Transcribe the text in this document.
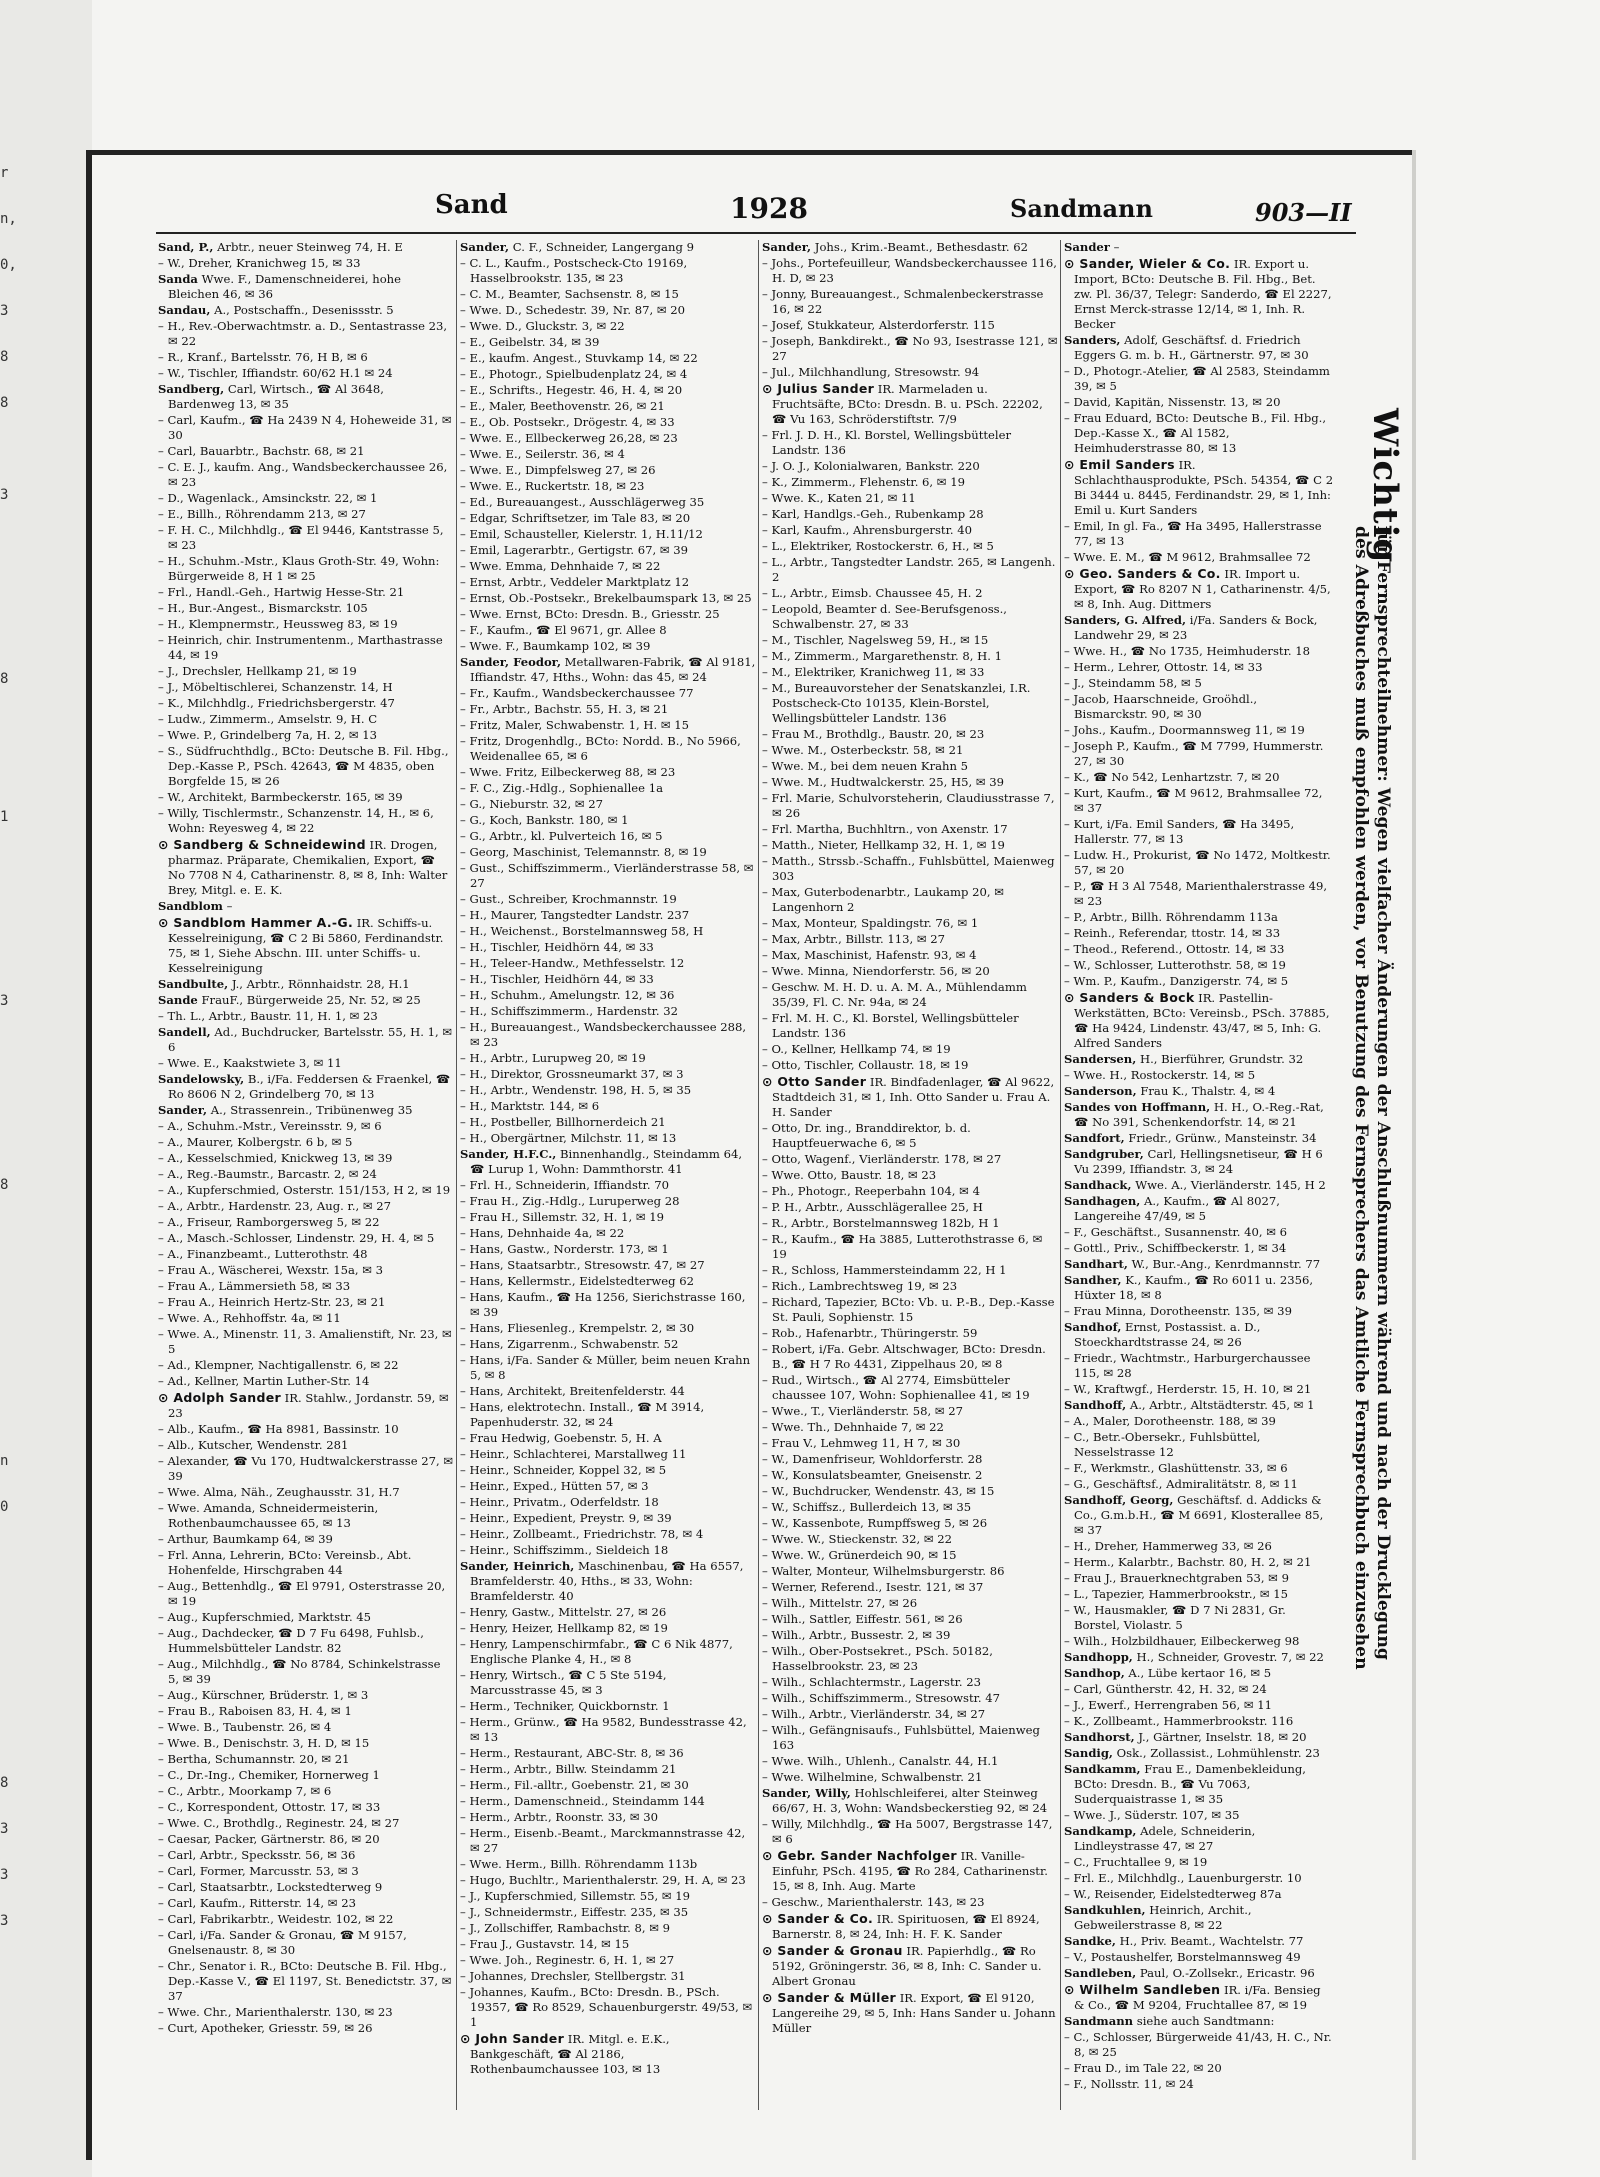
r
n,
0,
3
8
8

3

8

1

3

8

n
0

8
3
3
3
Sand	1928	Sandmann	903—II
Sand, P., Arbtr., neuer Steinweg 74, H. E
– W., Dreher, Kranichweg 15, ✉ 33
Sanda Wwe. F., Damenschneiderei, hohe Bleichen 46, ✉ 36
Sandau, A., Postschaffn., Desenissstr. 5
– H., Rev.-Oberwachtmstr. a. D., Sentastrasse 23, ✉ 22
– R., Kranf., Bartelsstr. 76, H B, ✉ 6
– W., Tischler, Iffiandstr. 60/62 H.1 ✉ 24
Sandberg, Carl, Wirtsch., ☎ Al 3648, Bardenweg 13, ✉ 35
– Carl, Kaufm., ☎ Ha 2439 N 4, Hoheweide 31, ✉ 30
– Carl, Bauarbtr., Bachstr. 68, ✉ 21
– C. E. J., kaufm. Ang., Wandsbeckerchaussee 26, ✉ 23
– D., Wagenlack., Amsinckstr. 22, ✉ 1
– E., Billh., Röhrendamm 213, ✉ 27
– F. H. C., Milchhdlg., ☎ El 9446, Kantstrasse 5, ✉ 23
– H., Schuhm.-Mstr., Klaus Groth-Str. 49, Wohn: Bürgerweide 8, H 1 ✉ 25
– Frl., Handl.-Geh., Hartwig Hesse-Str. 21
– H., Bur.-Angest., Bismarckstr. 105
– H., Klempnermstr., Heussweg 83, ✉ 19
– Heinrich, chir. Instrumentenm., Marthastrasse 44, ✉ 19
– J., Drechsler, Hellkamp 21, ✉ 19
– J., Möbeltischlerei, Schanzenstr. 14, H
– K., Milchhdlg., Friedrichsbergerstr. 47
– Ludw., Zimmerm., Amselstr. 9, H. C
– Wwe. P., Grindelberg 7a, H. 2, ✉ 13
– S., Südfruchthdlg., BCto: Deutsche B. Fil. Hbg., Dep.-Kasse P., PSch. 42643, ☎ M 4835, oben Borgfelde 15, ✉ 26
– W., Architekt, Barmbeckerstr. 165, ✉ 39
– Willy, Tischlermstr., Schanzenstr. 14, H., ✉ 6, Wohn: Reyesweg 4, ✉ 22
⊙ Sandberg & Schneidewind IR. Drogen, pharmaz. Präparate, Chemikalien, Export, ☎ No 7708 N 4, Catharinenstr. 8, ✉ 8, Inh: Walter Brey, Mitgl. e. E. K.
Sandblom –
⊙ Sandblom Hammer A.-G. IR. Schiffs-u. Kesselreinigung, ☎ C 2 Bi 5860, Ferdinandstr. 75, ✉ 1, Siehe Abschn. III. unter Schiffs- u. Kesselreinigung
Sandbulte, J., Arbtr., Rönnhaidstr. 28, H.1
Sande FrauF., Bürgerweide 25, Nr. 52, ✉ 25
– Th. L., Arbtr., Baustr. 11, H. 1, ✉ 23
Sandell, Ad., Buchdrucker, Bartelsstr. 55, H. 1, ✉ 6
– Wwe. E., Kaakstwiete 3, ✉ 11
Sandelowsky, B., i/Fa. Feddersen & Fraenkel, ☎ Ro 8606 N 2, Grindelberg 70, ✉ 13
Sander, A., Strassenrein., Tribünenweg 35
– A., Schuhm.-Mstr., Vereinsstr. 9, ✉ 6
– A., Maurer, Kolbergstr. 6 b, ✉ 5
– A., Kesselschmied, Knickweg 13, ✉ 39
– A., Reg.-Baumstr., Barcastr. 2, ✉ 24
– A., Kupferschmied, Osterstr. 151/153, H 2, ✉ 19
– A., Arbtr., Hardenstr. 23, Aug. r., ✉ 27
– A., Friseur, Ramborgersweg 5, ✉ 22
– A., Masch.-Schlosser, Lindenstr. 29, H. 4, ✉ 5
– A., Finanzbeamt., Lutterothstr. 48
– Frau A., Wäscherei, Wexstr. 15a, ✉ 3
– Frau A., Lämmersieth 58, ✉ 33
– Frau A., Heinrich Hertz-Str. 23, ✉ 21
– Wwe. A., Rehhoffstr. 4a, ✉ 11
– Wwe. A., Minenstr. 11, 3. Amalienstift, Nr. 23, ✉ 5
– Ad., Klempner, Nachtigallenstr. 6, ✉ 22
– Ad., Kellner, Martin Luther-Str. 14
⊙ Adolph Sander IR. Stahlw., Jordanstr. 59, ✉ 23
– Alb., Kaufm., ☎ Ha 8981, Bassinstr. 10
– Alb., Kutscher, Wendenstr. 281
– Alexander, ☎ Vu 170, Hudtwalckerstrasse 27, ✉ 39
– Wwe. Alma, Näh., Zeughausstr. 31, H.7
– Wwe. Amanda, Schneidermeisterin, Rothenbaumchaussee 65, ✉ 13
– Arthur, Baumkamp 64, ✉ 39
– Frl. Anna, Lehrerin, BCto: Vereinsb., Abt. Hohenfelde, Hirschgraben 44
– Aug., Bettenhdlg., ☎ El 9791, Osterstrasse 20, ✉ 19
– Aug., Kupferschmied, Marktstr. 45
– Aug., Dachdecker, ☎ D 7 Fu 6498, Fuhlsb., Hummelsbütteler Landstr. 82
– Aug., Milchhdlg., ☎ No 8784, Schinkelstrasse 5, ✉ 39
– Aug., Kürschner, Brüderstr. 1, ✉ 3
– Frau B., Raboisen 83, H. 4, ✉ 1
– Wwe. B., Taubenstr. 26, ✉ 4
– Wwe. B., Denischstr. 3, H. D, ✉ 15
– Bertha, Schumannstr. 20, ✉ 21
– C., Dr.-Ing., Chemiker, Hornerweg 1
– C., Arbtr., Moorkamp 7, ✉ 6
– C., Korrespondent, Ottostr. 17, ✉ 33
– Wwe. C., Brothdlg., Reginestr. 24, ✉ 27
– Caesar, Packer, Gärtnerstr. 86, ✉ 20
– Carl, Arbtr., Specksstr. 56, ✉ 36
– Carl, Former, Marcusstr. 53, ✉ 3
– Carl, Staatsarbtr., Lockstedterweg 9
– Carl, Kaufm., Ritterstr. 14, ✉ 23
– Carl, Fabrikarbtr., Weidestr. 102, ✉ 22
– Carl, i/Fa. Sander & Gronau, ☎ M 9157, Gnelsenaustr. 8, ✉ 30
– Chr., Senator i. R., BCto: Deutsche B. Fil. Hbg., Dep.-Kasse V., ☎ El 1197, St. Benedictstr. 37, ✉ 37
– Wwe. Chr., Marienthalerstr. 130, ✉ 23
– Curt, Apotheker, Griesstr. 59, ✉ 26
Sander, C. F., Schneider, Langergang 9
– C. L., Kaufm., Postscheck-Cto 19169, Hasselbrookstr. 135, ✉ 23
– C. M., Beamter, Sachsenstr. 8, ✉ 15
– Wwe. D., Schedestr. 39, Nr. 87, ✉ 20
– Wwe. D., Gluckstr. 3, ✉ 22
– E., Geibelstr. 34, ✉ 39
– E., kaufm. Angest., Stuvkamp 14, ✉ 22
– E., Photogr., Spielbudenplatz 24, ✉ 4
– E., Schrifts., Hegestr. 46, H. 4, ✉ 20
– E., Maler, Beethovenstr. 26, ✉ 21
– E., Ob. Postsekr., Drögestr. 4, ✉ 33
– Wwe. E., Ellbeckerweg 26,28, ✉ 23
– Wwe. E., Seilerstr. 36, ✉ 4
– Wwe. E., Dimpfelsweg 27, ✉ 26
– Wwe. E., Ruckertstr. 18, ✉ 23
– Ed., Bureauangest., Ausschlägerweg 35
– Edgar, Schriftsetzer, im Tale 83, ✉ 20
– Emil, Schausteller, Kielerstr. 1, H.11/12
– Emil, Lagerarbtr., Gertigstr. 67, ✉ 39
– Wwe. Emma, Dehnhaide 7, ✉ 22
– Ernst, Arbtr., Veddeler Marktplatz 12
– Ernst, Ob.-Postsekr., Brekelbaumspark 13, ✉ 25
– Wwe. Ernst, BCto: Dresdn. B., Griesstr. 25
– F., Kaufm., ☎ El 9671, gr. Allee 8
– Wwe. F., Baumkamp 102, ✉ 39
Sander, Feodor, Metallwaren-Fabrik, ☎ Al 9181, Iffiandstr. 47, Hths., Wohn: das 45, ✉ 24
– Fr., Kaufm., Wandsbeckerchaussee 77
– Fr., Arbtr., Bachstr. 55, H. 3, ✉ 21
– Fritz, Maler, Schwabenstr. 1, H. ✉ 15
– Fritz, Drogenhdlg., BCto: Nordd. B., No 5966, Weidenallee 65, ✉ 6
– Wwe. Fritz, Eilbeckerweg 88, ✉ 23
– F. C., Zig.-Hdlg., Sophienallee 1a
– G., Nieburstr. 32, ✉ 27
– G., Koch, Bankstr. 180, ✉ 1
– G., Arbtr., kl. Pulverteich 16, ✉ 5
– Georg, Maschinist, Telemannstr. 8, ✉ 19
– Gust., Schiffszimmerm., Vierländerstrasse 58, ✉ 27
– Gust., Schreiber, Krochmannstr. 19
– H., Maurer, Tangstedter Landstr. 237
– H., Weichenst., Borstelmannsweg 58, H
– H., Tischler, Heidhörn 44, ✉ 33
– H., Teleer-Handw., Methfesselstr. 12
– H., Tischler, Heidhörn 44, ✉ 33
– H., Schuhm., Amelungstr. 12, ✉ 36
– H., Schiffszimmerm., Hardenstr. 32
– H., Bureauangest., Wandsbeckerchaussee 288, ✉ 23
– H., Arbtr., Lurupweg 20, ✉ 19
– H., Direktor, Grossneumarkt 37, ✉ 3
– H., Arbtr., Wendenstr. 198, H. 5, ✉ 35
– H., Marktstr. 144, ✉ 6
– H., Postbeller, Billhornerdeich 21
– H., Obergärtner, Milchstr. 11, ✉ 13
Sander, H.F.C., Binnenhandlg., Steindamm 64, ☎ Lurup 1, Wohn: Dammthorstr. 41
– Frl. H., Schneiderin, Iffiandstr. 70
– Frau H., Zig.-Hdlg., Luruperweg 28
– Frau H., Sillemstr. 32, H. 1, ✉ 19
– Hans, Dehnhaide 4a, ✉ 22
– Hans, Gastw., Norderstr. 173, ✉ 1
– Hans, Staatsarbtr., Stresowstr. 47, ✉ 27
– Hans, Kellermstr., Eidelstedterweg 62
– Hans, Kaufm., ☎ Ha 1256, Sierichstrasse 160, ✉ 39
– Hans, Fliesenleg., Krempelstr. 2, ✉ 30
– Hans, Zigarrenm., Schwabenstr. 52
– Hans, i/Fa. Sander & Müller, beim neuen Krahn 5, ✉ 8
– Hans, Architekt, Breitenfelderstr. 44
– Hans, elektrotechn. Install., ☎ M 3914, Papenhuderstr. 32, ✉ 24
– Frau Hedwig, Goebenstr. 5, H. A
– Heinr., Schlachterei, Marstallweg 11
– Heinr., Schneider, Koppel 32, ✉ 5
– Heinr., Exped., Hütten 57, ✉ 3
– Heinr., Privatm., Oderfeldstr. 18
– Heinr., Expedient, Preystr. 9, ✉ 39
– Heinr., Zollbeamt., Friedrichstr. 78, ✉ 4
– Heinr., Schiffszimm., Sieldeich 18
Sander, Heinrich, Maschinenbau, ☎ Ha 6557, Bramfelderstr. 40, Hths., ✉ 33, Wohn: Bramfelderstr. 40
– Henry, Gastw., Mittelstr. 27, ✉ 26
– Henry, Heizer, Hellkamp 82, ✉ 19
– Henry, Lampenschirmfabr., ☎ C 6 Nik 4877, Englische Planke 4, H., ✉ 8
– Henry, Wirtsch., ☎ C 5 Ste 5194, Marcusstrasse 45, ✉ 3
– Herm., Techniker, Quickbornstr. 1
– Herm., Grünw., ☎ Ha 9582, Bundesstrasse 42, ✉ 13
– Herm., Restaurant, ABC-Str. 8, ✉ 36
– Herm., Arbtr., Billw. Steindamm 21
– Herm., Fil.-alltr., Goebenstr. 21, ✉ 30
– Herm., Damenschneid., Steindamm 144
– Herm., Arbtr., Roonstr. 33, ✉ 30
– Herm., Eisenb.-Beamt., Marckmannstrasse 42, ✉ 27
– Wwe. Herm., Billh. Röhrendamm 113b
– Hugo, Buchltr., Marienthalerstr. 29, H. A, ✉ 23
– J., Kupferschmied, Sillemstr. 55, ✉ 19
– J., Schneidermstr., Eiffestr. 235, ✉ 35
– J., Zollschiffer, Rambachstr. 8, ✉ 9
– Frau J., Gustavstr. 14, ✉ 15
– Wwe. Joh., Reginestr. 6, H. 1, ✉ 27
– Johannes, Drechsler, Stellbergstr. 31
– Johannes, Kaufm., BCto: Dresdn. B., PSch. 19357, ☎ Ro 8529, Schauenburgerstr. 49/53, ✉ 1
⊙ John Sander IR. Mitgl. e. E.K., Bankgeschäft, ☎ Al 2186, Rothenbaumchaussee 103, ✉ 13
Sander, Johs., Krim.-Beamt., Bethesdastr. 62
– Johs., Portefeuilleur, Wandsbeckerchaussee 116, H. D, ✉ 23
– Jonny, Bureauangest., Schmalenbeckerstrasse 16, ✉ 22
– Josef, Stukkateur, Alsterdorferstr. 115
– Joseph, Bankdirekt., ☎ No 93, Isestrasse 121, ✉ 27
– Jul., Milchhandlung, Stresowstr. 94
⊙ Julius Sander IR. Marmeladen u. Fruchtsäfte, BCto: Dresdn. B. u. PSch. 22202, ☎ Vu 163, Schröderstiftstr. 7/9
– Frl. J. D. H., Kl. Borstel, Wellingsbütteler Landstr. 136
– J. O. J., Kolonialwaren, Bankstr. 220
– K., Zimmerm., Flehenstr. 6, ✉ 19
– Wwe. K., Katen 21, ✉ 11
– Karl, Handlgs.-Geh., Rubenkamp 28
– Karl, Kaufm., Ahrensburgerstr. 40
– L., Elektriker, Rostockerstr. 6, H., ✉ 5
– L., Arbtr., Tangstedter Landstr. 265, ✉ Langenh. 2
– L., Arbtr., Eimsb. Chaussee 45, H. 2
– Leopold, Beamter d. See-Berufsgenoss., Schwalbenstr. 27, ✉ 33
– M., Tischler, Nagelsweg 59, H., ✉ 15
– M., Zimmerm., Margarethenstr. 8, H. 1
– M., Elektriker, Kranichweg 11, ✉ 33
– M., Bureauvorsteher der Senatskanzlei, I.R. Postscheck-Cto 10135, Klein-Borstel, Wellingsbütteler Landstr. 136
– Frau M., Brothdlg., Baustr. 20, ✉ 23
– Wwe. M., Osterbeckstr. 58, ✉ 21
– Wwe. M., bei dem neuen Krahn 5
– Wwe. M., Hudtwalckerstr. 25, H5, ✉ 39
– Frl. Marie, Schulvorsteherin, Claudiusstrasse 7, ✉ 26
– Frl. Martha, Buchhltrn., von Axenstr. 17
– Matth., Nieter, Hellkamp 32, H. 1, ✉ 19
– Matth., Strssb.-Schaffn., Fuhlsbüttel, Maienweg 303
– Max, Guterbodenarbtr., Laukamp 20, ✉ Langenhorn 2
– Max, Monteur, Spaldingstr. 76, ✉ 1
– Max, Arbtr., Billstr. 113, ✉ 27
– Max, Maschinist, Hafenstr. 93, ✉ 4
– Wwe. Minna, Niendorferstr. 56, ✉ 20
– Geschw. M. H. D. u. A. M. A., Mühlendamm 35/39, Fl. C. Nr. 94a, ✉ 24
– Frl. M. H. C., Kl. Borstel, Wellingsbütteler Landstr. 136
– O., Kellner, Hellkamp 74, ✉ 19
– Otto, Tischler, Collaustr. 18, ✉ 19
⊙ Otto Sander IR. Bindfadenlager, ☎ Al 9622, Stadtdeich 31, ✉ 1, Inh. Otto Sander u. Frau A. H. Sander
– Otto, Dr. ing., Branddirektor, b. d. Hauptfeuerwache 6, ✉ 5
– Otto, Wagenf., Vierländerstr. 178, ✉ 27
– Wwe. Otto, Baustr. 18, ✉ 23
– Ph., Photogr., Reeperbahn 104, ✉ 4
– P. H., Arbtr., Ausschlägerallee 25, H
– R., Arbtr., Borstelmannsweg 182b, H 1
– R., Kaufm., ☎ Ha 3885, Lutterothstrasse 6, ✉ 19
– R., Schloss, Hammersteindamm 22, H 1
– Rich., Lambrechtsweg 19, ✉ 23
– Richard, Tapezier, BCto: Vb. u. P.-B., Dep.-Kasse St. Pauli, Sophienstr. 15
– Rob., Hafenarbtr., Thüringerstr. 59
– Robert, i/Fa. Gebr. Altschwager, BCto: Dresdn. B., ☎ H 7 Ro 4431, Zippelhaus 20, ✉ 8
– Rud., Wirtsch., ☎ Al 2774, Eimsbütteler chaussee 107, Wohn: Sophienallee 41, ✉ 19
– Wwe., T., Vierländerstr. 58, ✉ 27
– Wwe. Th., Dehnhaide 7, ✉ 22
– Frau V., Lehmweg 11, H 7, ✉ 30
– W., Damenfriseur, Wohldorferstr. 28
– W., Konsulatsbeamter, Gneisenstr. 2
– W., Buchdrucker, Wendenstr. 43, ✉ 15
– W., Schiffsz., Bullerdeich 13, ✉ 35
– W., Kassenbote, Rumpffsweg 5, ✉ 26
– Wwe. W., Stieckenstr. 32, ✉ 22
– Wwe. W., Grünerdeich 90, ✉ 15
– Walter, Monteur, Wilhelmsburgerstr. 86
– Werner, Referend., Isestr. 121, ✉ 37
– Wilh., Mittelstr. 27, ✉ 26
– Wilh., Sattler, Eiffestr. 561, ✉ 26
– Wilh., Arbtr., Bussestr. 2, ✉ 39
– Wilh., Ober-Postsekret., PSch. 50182, Hasselbrookstr. 23, ✉ 23
– Wilh., Schlachtermstr., Lagerstr. 23
– Wilh., Schiffszimmerm., Stresowstr. 47
– Wilh., Arbtr., Vierländerstr. 34, ✉ 27
– Wilh., Gefängnisaufs., Fuhlsbüttel, Maienweg 163
– Wwe. Wilh., Uhlenh., Canalstr. 44, H.1
– Wwe. Wilhelmine, Schwalbenstr. 21
Sander, Willy, Hohlschleiferei, alter Steinweg 66/67, H. 3, Wohn: Wandsbeckerstieg 92, ✉ 24
– Willy, Milchhdlg., ☎ Ha 5007, Bergstrasse 147, ✉ 6
⊙ Gebr. Sander Nachfolger IR. Vanille-Einfuhr, PSch. 4195, ☎ Ro 284, Catharinenstr. 15, ✉ 8, Inh. Aug. Marte
– Geschw., Marienthalerstr. 143, ✉ 23
⊙ Sander & Co. IR. Spirituosen, ☎ El 8924, Barnerstr. 8, ✉ 24, Inh: H. F. K. Sander
⊙ Sander & Gronau IR. Papierhdlg., ☎ Ro 5192, Gröningerstr. 36, ✉ 8, Inh: C. Sander u. Albert Gronau
⊙ Sander & Müller IR. Export, ☎ El 9120, Langereihe 29, ✉ 5, Inh: Hans Sander u. Johann Müller
Sander –
⊙ Sander, Wieler & Co. IR. Export u. Import, BCto: Deutsche B. Fil. Hbg., Bet. zw. Pl. 36/37, Telegr: Sanderdo, ☎ El 2227, Ernst Merck-strasse 12/14, ✉ 1, Inh. R. Becker
Sanders, Adolf, Geschäftsf. d. Friedrich Eggers G. m. b. H., Gärtnerstr. 97, ✉ 30
– D., Photogr.-Atelier, ☎ Al 2583, Steindamm 39, ✉ 5
– David, Kapitän, Nissenstr. 13, ✉ 20
– Frau Eduard, BCto: Deutsche B., Fil. Hbg., Dep.-Kasse X., ☎ Al 1582, Heimhuderstrasse 80, ✉ 13
⊙ Emil Sanders IR. Schlachthausprodukte, PSch. 54354, ☎ C 2 Bi 3444 u. 8445, Ferdinandstr. 29, ✉ 1, Inh: Emil u. Kurt Sanders
– Emil, In gl. Fa., ☎ Ha 3495, Hallerstrasse 77, ✉ 13
– Wwe. E. M., ☎ M 9612, Brahmsallee 72
⊙ Geo. Sanders & Co. IR. Import u. Export, ☎ Ro 8207 N 1, Catharinenstr. 4/5, ✉ 8, Inh. Aug. Dittmers
Sanders, G. Alfred, i/Fa. Sanders & Bock, Landwehr 29, ✉ 23
– Wwe. H., ☎ No 1735, Heimhuderstr. 18
– Herm., Lehrer, Ottostr. 14, ✉ 33
– J., Steindamm 58, ✉ 5
– Jacob, Haarschneide, Groöhdl., Bismarckstr. 90, ✉ 30
– Johs., Kaufm., Doormannsweg 11, ✉ 19
– Joseph P., Kaufm., ☎ M 7799, Hummerstr. 27, ✉ 30
– K., ☎ No 542, Lenhartzstr. 7, ✉ 20
– Kurt, Kaufm., ☎ M 9612, Brahmsallee 72, ✉ 37
– Kurt, i/Fa. Emil Sanders, ☎ Ha 3495, Hallerstr. 77, ✉ 13
– Ludw. H., Prokurist, ☎ No 1472, Moltkestr. 57, ✉ 20
– P., ☎ H 3 Al 7548, Marienthalerstrasse 49, ✉ 23
– P., Arbtr., Billh. Röhrendamm 113a
– Reinh., Referendar, ttostr. 14, ✉ 33
– Theod., Referend., Ottostr. 14, ✉ 33
– W., Schlosser, Lutterothstr. 58, ✉ 19
– Wm. P., Kaufm., Danzigerstr. 74, ✉ 5
⊙ Sanders & Bock IR. Pastellin-Werkstätten, BCto: Vereinsb., PSch. 37885, ☎ Ha 9424, Lindenstr. 43/47, ✉ 5, Inh: G. Alfred Sanders
Sandersen, H., Bierführer, Grundstr. 32
– Wwe. H., Rostockerstr. 14, ✉ 5
Sanderson, Frau K., Thalstr. 4, ✉ 4
Sandes von Hoffmann, H. H., O.-Reg.-Rat, ☎ No 391, Schenkendorfstr. 14, ✉ 21
Sandfort, Friedr., Grünw., Mansteinstr. 34
Sandgruber, Carl, Hellingsnetiseur, ☎ H 6 Vu 2399, Iffiandstr. 3, ✉ 24
Sandhack, Wwe. A., Vierländerstr. 145, H 2
Sandhagen, A., Kaufm., ☎ Al 8027, Langereihe 47/49, ✉ 5
– F., Geschäftst., Susannenstr. 40, ✉ 6
– Gottl., Priv., Schiffbeckerstr. 1, ✉ 34
Sandhart, W., Bur.-Ang., Kenrdmannstr. 77
Sandher, K., Kaufm., ☎ Ro 6011 u. 2356, Hüxter 18, ✉ 8
– Frau Minna, Dorotheenstr. 135, ✉ 39
Sandhof, Ernst, Postassist. a. D., Stoeckhardtstrasse 24, ✉ 26
– Friedr., Wachtmstr., Harburgerchaussee 115, ✉ 28
– W., Kraftwgf., Herderstr. 15, H. 10, ✉ 21
Sandhoff, A., Arbtr., Altstädterstr. 45, ✉ 1
– A., Maler, Dorotheenstr. 188, ✉ 39
– C., Betr.-Obersekr., Fuhlsbüttel, Nesselstrasse 12
– F., Werkmstr., Glashüttenstr. 33, ✉ 6
– G., Geschäftsf., Admiralitätstr. 8, ✉ 11
Sandhoff, Georg, Geschäftsf. d. Addicks & Co., G.m.b.H., ☎ M 6691, Klosterallee 85, ✉ 37
– H., Dreher, Hammerweg 33, ✉ 26
– Herm., Kalarbtr., Bachstr. 80, H. 2, ✉ 21
– Frau J., Brauerknechtgraben 53, ✉ 9
– L., Tapezier, Hammerbrookstr., ✉ 15
– W., Hausmakler, ☎ D 7 Ni 2831, Gr. Borstel, Violastr. 5
– Wilh., Holzbildhauer, Eilbeckerweg 98
Sandhopp, H., Schneider, Grovestr. 7, ✉ 22
Sandhop, A., Lübe kertaor 16, ✉ 5
– Carl, Güntherstr. 42, H. 32, ✉ 24
– J., Ewerf., Herrengraben 56, ✉ 11
– K., Zollbeamt., Hammerbrookstr. 116
Sandhorst, J., Gärtner, Inselstr. 18, ✉ 20
Sandig, Osk., Zollassist., Lohmühlenstr. 23
Sandkamm, Frau E., Damenbekleidung, BCto: Dresdn. B., ☎ Vu 7063, Suderquaistrasse 1, ✉ 35
– Wwe. J., Süderstr. 107, ✉ 35
Sandkamp, Adele, Schneiderin, Lindleystrasse 47, ✉ 27
– C., Fruchtallee 9, ✉ 19
– Frl. E., Milchhdlg., Lauenburgerstr. 10
– W., Reisender, Eidelstedterweg 87a
Sandkuhlen, Heinrich, Archit., Gebweilerstrasse 8, ✉ 22
Sandke, H., Priv. Beamt., Wachtelstr. 77
– V., Postaushelfer, Borstelmannsweg 49
Sandleben, Paul, O.-Zollsekr., Ericastr. 96
⊙ Wilhelm Sandleben IR. i/Fa. Bensieg & Co., ☎ M 9204, Fruchtallee 87, ✉ 19
Sandmann siehe auch Sandtmann:
– C., Schlosser, Bürgerweide 41/43, H. C., Nr. 8, ✉ 25
– Frau D., im Tale 22, ✉ 20
– F., Nollsstr. 11, ✉ 24
Wichtig
für Fernsprechteilnehmer: Wegen vielfacher Änderungen der Anschlußnummern während und nach der Drucklegung
des Adreßbuches muß empfohlen werden, vor Benutzung des Fernsprechers das Amtliche Fernsprechbuch einzusehen
